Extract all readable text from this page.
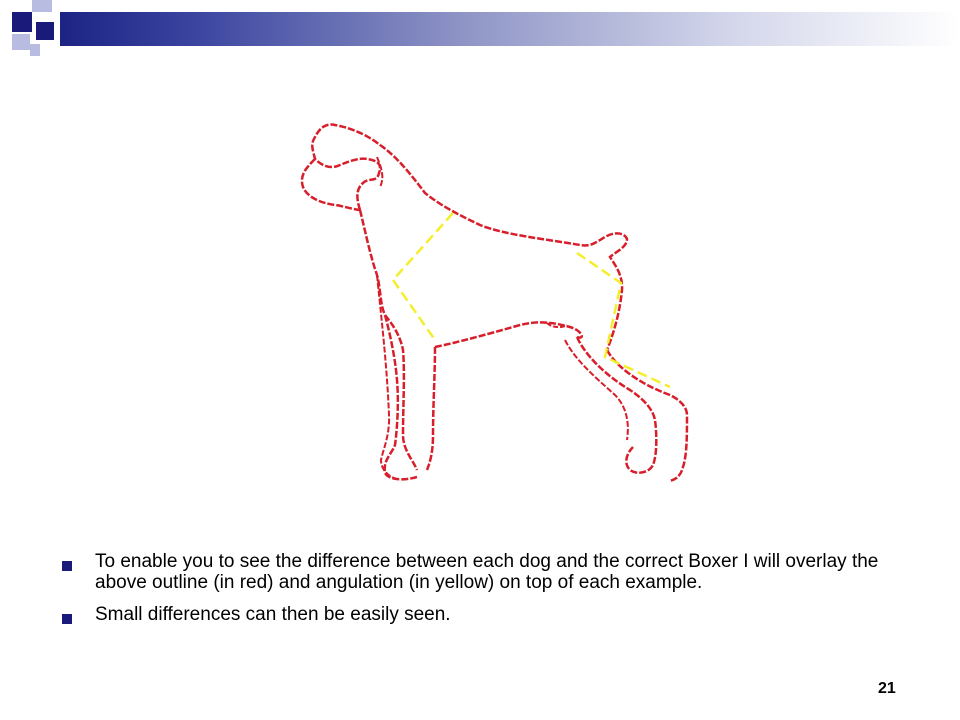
To enable you to see the difference between each dog and the correct Boxer I will overlay the above outline (in red) and angulation (in yellow) on top of each example.
Small differences can then be easily seen.
21
